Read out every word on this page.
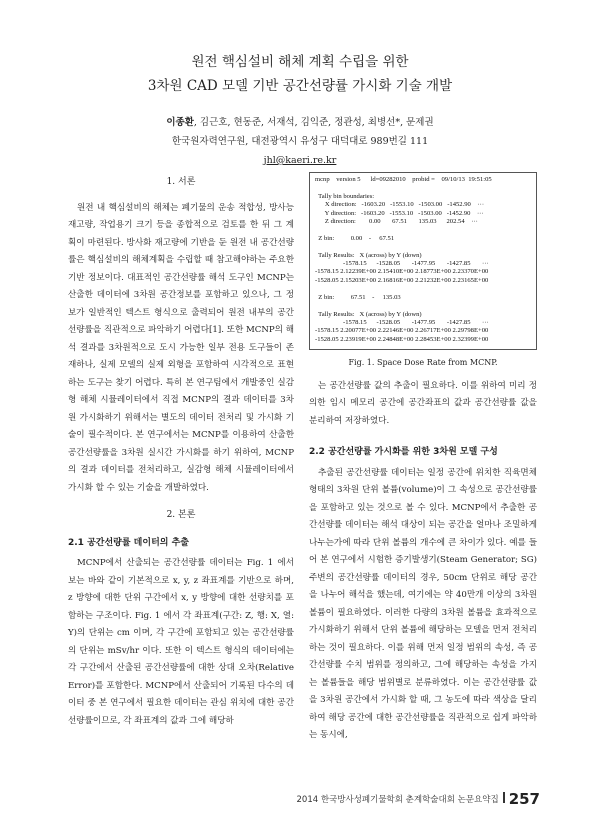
원전 핵심설비 해체 계획 수립을 위한
3차원 CAD 모델 기반 공간선량률 가시화 기술 개발
이종환, 김근호, 현동준, 서재석, 김익준, 정관성, 최병선*, 문제권
한국원자력연구원, 대전광역시 유성구 대덕대로 989번길 111
jhl@kaeri.re.kr
1. 서론

원전 내 핵심설비의 해체는 폐기물의 운송 적합성, 방사능 재고량, 작업용기 크기 등을 종합적으로 검토를 한 뒤 그 계획이 마련된다. 방사화 재고량에 기반을 둔 원전 내 공간선량률은 핵심설비의 해체계획을 수립할 때 참고해야하는 주요한 기반 정보이다. 대표적인 공간선량률 해석 도구인 MCNP는 산출한 데이터에 3차원 공간정보를 포함하고 있으나, 그 정보가 일반적인 텍스트 형식으로 출력되어 원전 내부의 공간선량률을 직관적으로 파악하기 어렵다[1]. 또한 MCNP의 해석 결과를 3차원적으로 도시 가능한 일부 전용 도구들이 존재하나, 실제 모델의 실제 외형을 포함하여 시각적으로 표현하는 도구는 찾기 어렵다. 특히 본 연구팀에서 개발중인 실감형 해체 시뮬레이터에서 직접 MCNP의 결과 데이터를 3차원 가시화하기 위해서는 별도의 데이터 전처리 및 가시화 기술이 필수적이다. 본 연구에서는 MCNP를 이용하여 산출한 공간선량률을 3차원 실시간 가시화를 하기 위하여, MCNP의 결과 데이터를 전처리하고, 실감형 해체 시뮬레이터에서 가시화 할 수 있는 기술을 개발하였다.

2. 본론
2.1 공간선량률 데이터의 추출

MCNP에서 산출되는 공간선량률 데이터는 Fig. 1 에서 보는 바와 같이 기본적으로 x, y, z 좌표계를 기반으로 하며, z 방향에 대한 단위 구간에서 x, y 방향에 대한 선량치를 포함하는 구조이다. Fig. 1 에서 각 좌표계(구간: Z, 행: X, 열: Y)의 단위는 cm 이며, 각 구간에 포함되고 있는 공간선량률의 단위는 mSv/hr 이다. 또한 이 텍스트 형식의 데이터에는 각 구간에서 산출된 공간선량률에 대한 상대 오차(Relative Error)를 포함한다. MCNP에서 산출되어 기록된 다수의 데이터 중 본 연구에서 필요한 데이터는 관심 위치에 대한 공간선량률이므로, 각 좌표계의 값과 그에 해당하

mcnp    version 5      ld=09282010    probid =    09/10/13  19:51:05

Tally bin boundaries:
X direction:   -1603.20   -1553.10   -1503.00   -1452.90    ···
Y direction:   -1603.20   -1553.10   -1503.00   -1452.90    ···
Z direction:        0.00       67.51       135.03      202.54    ···

Z bin:          0.00    -     67.51

Tally Results:   X (across) by Y (down)
-1578.15      -1528.05       -1477.95       -1427.85       ···
-1578.15 2.12239E+00 2.15410E+00 2.18773E+00 2.23370E+00
-1528.05 2.15203E+00 2.16816E+00 2.21232E+00 2.23165E+00

Z bin:          67.51    -     135.03

Tally Results:   X (across) by Y (down)
-1578.15      -1528.05       -1477.95       -1427.85       ···
-1578.15 2.20077E+00 2.22146E+00 2.26717E+00 2.29798E+00
-1528.05 2.23919E+00 2.24848E+00 2.28453E+00 2.32399E+00
Fig. 1. Space Dose Rate from MCNP.

는 공간선량률 값의 추출이 필요하다. 이를 위하여 미리 정의한 임시 메모리 공간에 공간좌표의 값과 공간선량률 값을 분리하여 저장하였다.

2.2 공간선량률 가시화를 위한 3차원 모델 구성

추출된 공간선량률 데이터는 일정 공간에 위치한 직육면체 형태의 3차원 단위 볼륨(volume)이 그 속성으로 공간선량률을 포함하고 있는 것으로 볼 수 있다. MCNP에서 추출한 공간선량률 데이터는 해석 대상이 되는 공간을 얼마나 조밀하게 나누는가에 따라 단위 볼륨의 개수에 큰 차이가 있다. 예를 들어 본 연구에서 시험한 증기발생기(Steam Generator; SG) 주변의 공간선량률 데이터의 경우, 50cm 단위로 해당 공간을 나누어 해석을 했는데, 여기에는 약 40만개 이상의 3차원 볼륨이 필요하였다. 이러한 다량의 3차원 볼륨을 효과적으로 가시화하기 위해서 단위 볼륨에 해당하는 모델을 먼저 전처리하는 것이 필요하다. 이를 위해 먼저 일정 범위의 속성, 즉 공간선량률 수치 범위를 정의하고, 그에 해당하는 속성을 가지는 볼륨들을 해당 범위별로 분류하였다. 이는 공간선량률 값을 3차원 공간에서 가시화 할 때, 그 농도에 따라 색상을 달리하여 해당 공간에 대한 공간선량률을 직관적으로 쉽게 파악하는 동시에,

2014 한국방사성폐기물학회 춘계학술대회 논문요약집 257
